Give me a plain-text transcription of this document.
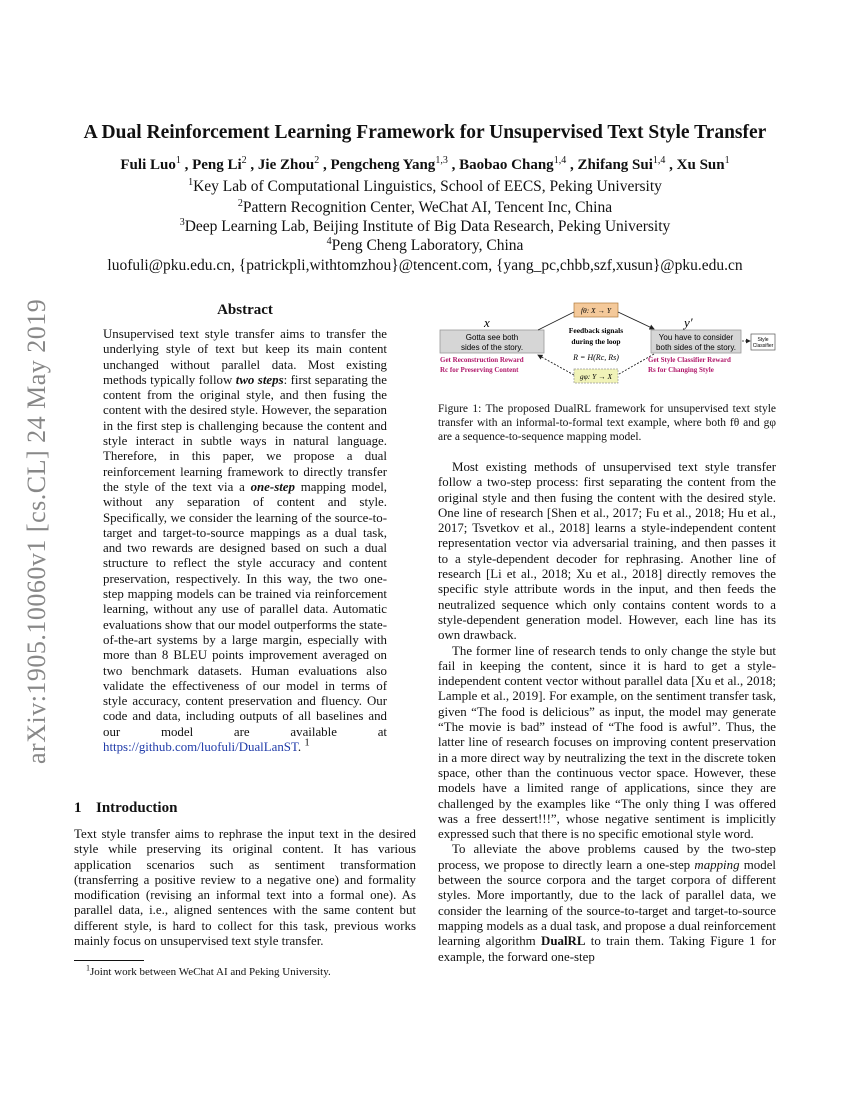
A Dual Reinforcement Learning Framework for Unsupervised Text Style Transfer
Fuli Luo$^1$ , Peng Li$^2$ , Jie Zhou$^2$ , Pengcheng Yang$^{1,3}$ , Baobao Chang$^{1,4}$ , Zhifang Sui$^{1,4}$ , Xu Sun$^1$
$^1$Key Lab of Computational Linguistics, School of EECS, Peking University
$^2$Pattern Recognition Center, WeChat AI, Tencent Inc, China
$^3$Deep Learning Lab, Beijing Institute of Big Data Research, Peking University
$^4$Peng Cheng Laboratory, China
luofuli@pku.edu.cn, {patrickpli,withtomzhou}@tencent.com, {yang_pc,chbb,szf,xusun}@pku.edu.cn
arXiv:1905.10060v1 [cs.CL] 24 May 2019	Abstract
Unsupervised text style transfer aims to transfer the underlying style of text but keep its main content unchanged without parallel data. Most existing methods typically follow two steps: first separating the content from the original style, and then fusing the content with the desired style. However, the separation in the first step is challenging because the content and style interact in subtle ways in natural language. Therefore, in this paper, we propose a dual reinforcement learning framework to directly transfer the style of the text via a one-step mapping model, without any separation of content and style. Specifically, we consider the learning of the source-to-target and target-to-source mappings as a dual task, and two rewards are designed based on such a dual structure to reflect the style accuracy and content preservation, respectively. In this way, the two one-step mapping models can be trained via reinforcement learning, without any use of parallel data. Automatic evaluations show that our model outperforms the state-of-the-art systems by a large margin, especially with more than 8 BLEU points improvement averaged on two benchmark datasets. Human evaluations also validate the effectiveness of our model in terms of style accuracy, content preservation and fluency. Our code and data, including outputs of all baselines and our model are available at https://github.com/luofuli/DualLanST. $^1$
1 Introduction
Text style transfer aims to rephrase the input text in the desired style while preserving its original content. It has various application scenarios such as sentiment transformation (transferring a positive review to a negative one) and formality modification (revising an informal text into a formal one). As parallel data, i.e., aligned sentences with the same content but different style, is hard to collect for this task, previous works mainly focus on unsupervised text style transfer.
$^1$Joint work between WeChat AI and Peking University.
x	y′
Gotta see both
sides of the story.
You have to consider
both sides of the story.
Style
Classifier
fθ: X → Y
gφ: Y → X
Feedback signals
during the loop
R = H(Rc, Rs)
Get Reconstruction Reward
Rc for Preserving Content
Get Style Classifier Reward
Rs for Changing Style
Figure 1: The proposed DualRL framework for unsupervised text style transfer with an informal-to-formal text example, where both fθ and gφ are a sequence-to-sequence mapping model.

Most existing methods of unsupervised text style transfer follow a two-step process: first separating the content from the original style and then fusing the content with the desired style. One line of research [Shen et al., 2017; Fu et al., 2018; Hu et al., 2017; Tsvetkov et al., 2018] learns a style-independent content representation vector via adversarial training, and then passes it to a style-dependent decoder for rephrasing. Another line of research [Li et al., 2018; Xu et al., 2018] directly removes the specific style attribute words in the input, and then feeds the neutralized sequence which only contains content words to a style-dependent generation model. However, each line has its own drawback.

The former line of research tends to only change the style but fail in keeping the content, since it is hard to get a style-independent content vector without parallel data [Xu et al., 2018; Lample et al., 2019]. For example, on the sentiment transfer task, given “The food is delicious” as input, the model may generate “The movie is bad” instead of “The food is awful”. Thus, the latter line of research focuses on improving content preservation in a more direct way by neutralizing the text in the discrete token space, other than the continuous vector space. However, these models have a limited range of applications, since they are challenged by the examples like “The only thing I was offered was a free dessert!!!”, whose negative sentiment is implicitly expressed such that there is no specific emotional style word.

To alleviate the above problems caused by the two-step process, we propose to directly learn a one-step mapping model between the source corpora and the target corpora of different styles. More importantly, due to the lack of parallel data, we consider the learning of the source-to-target and target-to-source mapping models as a dual task, and propose a dual reinforcement learning algorithm DualRL to train them. Taking Figure 1 for example, the forward one-step
